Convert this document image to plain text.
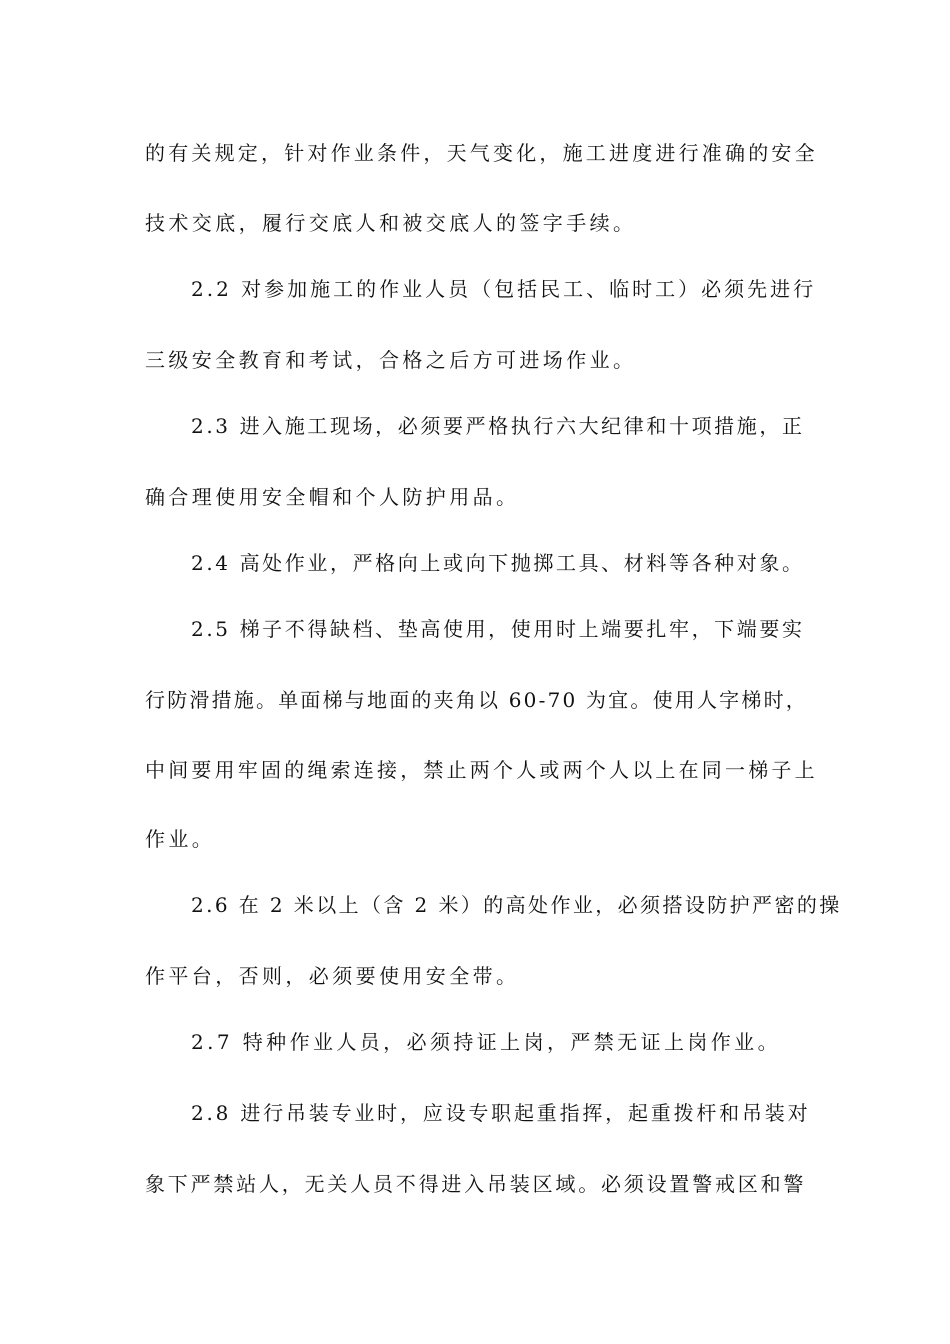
的有关规定，针对作业条件，天气变化，施工进度进行准确的安全
技术交底，履行交底人和被交底人的签字手续。
2.2 对参加施工的作业人员（包括民工、临时工）必须先进行
三级安全教育和考试，合格之后方可进场作业。
2.3 进入施工现场，必须要严格执行六大纪律和十项措施，正
确合理使用安全帽和个人防护用品。
2.4 高处作业，严格向上或向下抛掷工具、材料等各种对象。
2.5 梯子不得缺档、垫高使用，使用时上端要扎牢，下端要实
行防滑措施。单面梯与地面的夹角以 60-70 为宜。使用人字梯时，
中间要用牢固的绳索连接，禁止两个人或两个人以上在同一梯子上
作业。
2.6 在 2 米以上（含 2 米）的高处作业，必须搭设防护严密的操
作平台，否则，必须要使用安全带。
2.7 特种作业人员，必须持证上岗，严禁无证上岗作业。
2.8 进行吊装专业时，应设专职起重指挥，起重拨杆和吊装对
象下严禁站人，无关人员不得进入吊装区域。必须设置警戒区和警
